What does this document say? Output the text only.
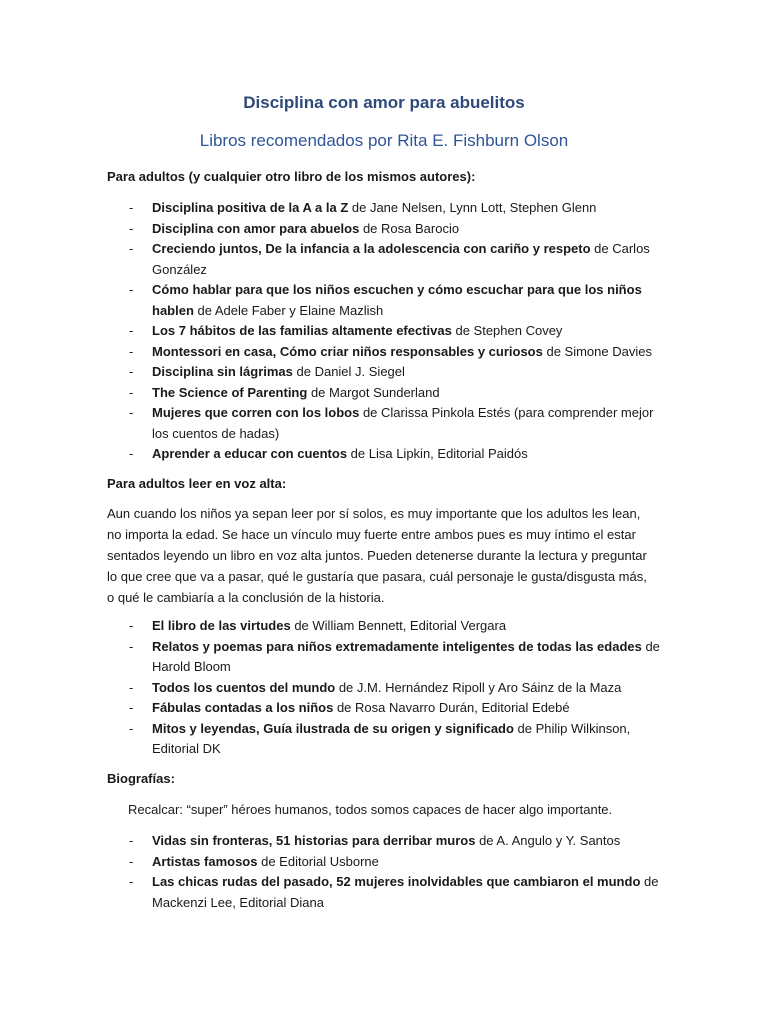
Disciplina con amor para abuelitos
Libros recomendados por Rita E. Fishburn Olson
Para adultos (y cualquier otro libro de los mismos autores):
- Disciplina positiva de la A a la Z de Jane Nelsen, Lynn Lott, Stephen Glenn
- Disciplina con amor para abuelos de Rosa Barocio
- Creciendo juntos, De la infancia a la adolescencia con cariño y respeto de Carlos González
- Cómo hablar para que los niños escuchen y cómo escuchar para que los niños hablen de Adele Faber y Elaine Mazlish
- Los 7 hábitos de las familias altamente efectivas de Stephen Covey
- Montessori en casa, Cómo criar niños responsables y curiosos de Simone Davies
- Disciplina sin lágrimas de Daniel J. Siegel
- The Science of Parenting de Margot Sunderland
- Mujeres que corren con los lobos de Clarissa Pinkola Estés (para comprender mejor los cuentos de hadas)
- Aprender a educar con cuentos de Lisa Lipkin, Editorial Paidós
Para adultos leer en voz alta:

Aun cuando los niños ya sepan leer por sí solos, es muy importante que los adultos les lean, no importa la edad. Se hace un vínculo muy fuerte entre ambos pues es muy íntimo el estar sentados leyendo un libro en voz alta juntos. Pueden detenerse durante la lectura y preguntar lo que cree que va a pasar, qué le gustaría que pasara, cuál personaje le gusta/disgusta más, o qué le cambiaría a la conclusión de la historia.

- El libro de las virtudes de William Bennett, Editorial Vergara
- Relatos y poemas para niños extremadamente inteligentes de todas las edades de Harold Bloom
- Todos los cuentos del mundo de J.M. Hernández Ripoll y Aro Sáinz de la Maza
- Fábulas contadas a los niños de Rosa Navarro Durán, Editorial Edebé
- Mitos y leyendas, Guía ilustrada de su origen y significado de Philip Wilkinson, Editorial DK
Biografías:
Recalcar: “super” héroes humanos, todos somos capaces de hacer algo importante.
- Vidas sin fronteras, 51 historias para derribar muros de A. Angulo y Y. Santos
- Artistas famosos de Editorial Usborne
- Las chicas rudas del pasado, 52 mujeres inolvidables que cambiaron el mundo de Mackenzi Lee, Editorial Diana
